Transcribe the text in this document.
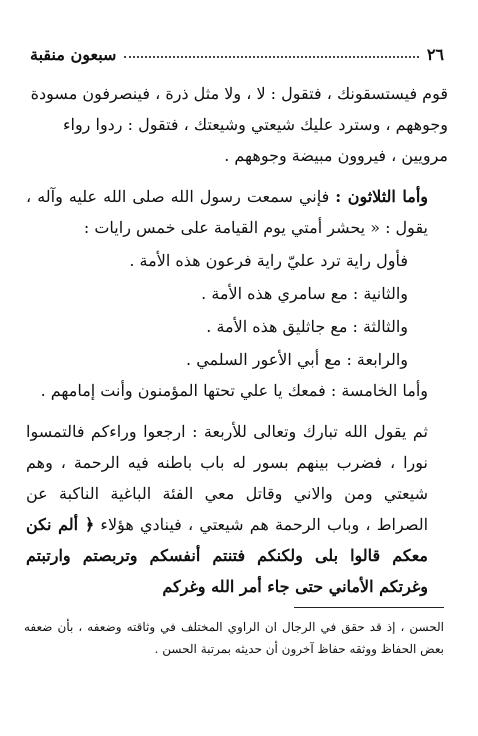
٢٦
سبعون منقبة

قوم فيستسقونك ، فتقول : لا ، ولا مثل ذرة ، فينصرفون مسودة

وجوههم ، وسترد عليك شيعتي وشيعتك ، فتقول : ردوا رواء

مرويين ، فيروون مبيضة وجوههم .

وأما الثلاثون : فإني سمعت رسول الله صلى الله عليه وآله ، يقول : « يحشر أمتي يوم القيامة على خمس رايات :

فأول راية ترد عليّ راية فرعون هذه الأمة .

والثانية : مع سامري هذه الأمة .

والثالثة : مع جاثليق هذه الأمة .

والرابعة : مع أبي الأعور السلمي .

وأما الخامسة : فمعك يا علي تحتها المؤمنون وأنت إمامهم .

ثم يقول الله تبارك وتعالى للأربعة : ارجعوا وراءكم فالتمسوا نورا ، فضرب بينهم بسور له باب باطنه فيه الرحمة ، وهم شيعتي ومن والاني وقاتل معي الفئة الباغية الناكبة عن الصراط ، وباب الرحمة هم شيعتي ، فينادي هؤلاء ﴿ ألم نكن معكم قالوا بلى ولكنكم فتنتم أنفسكم وتربصتم وارتبتم وغرتكم الأماني حتى جاء أمر الله وغركم

الحسن ، إذ قد حقق في الرجال ان الراوي المختلف في وثاقته وضعفه ، بأن ضعفه بعض الحفاظ ووثقه حفاظ آخرون أن حديثه بمرتبة الحسن .
